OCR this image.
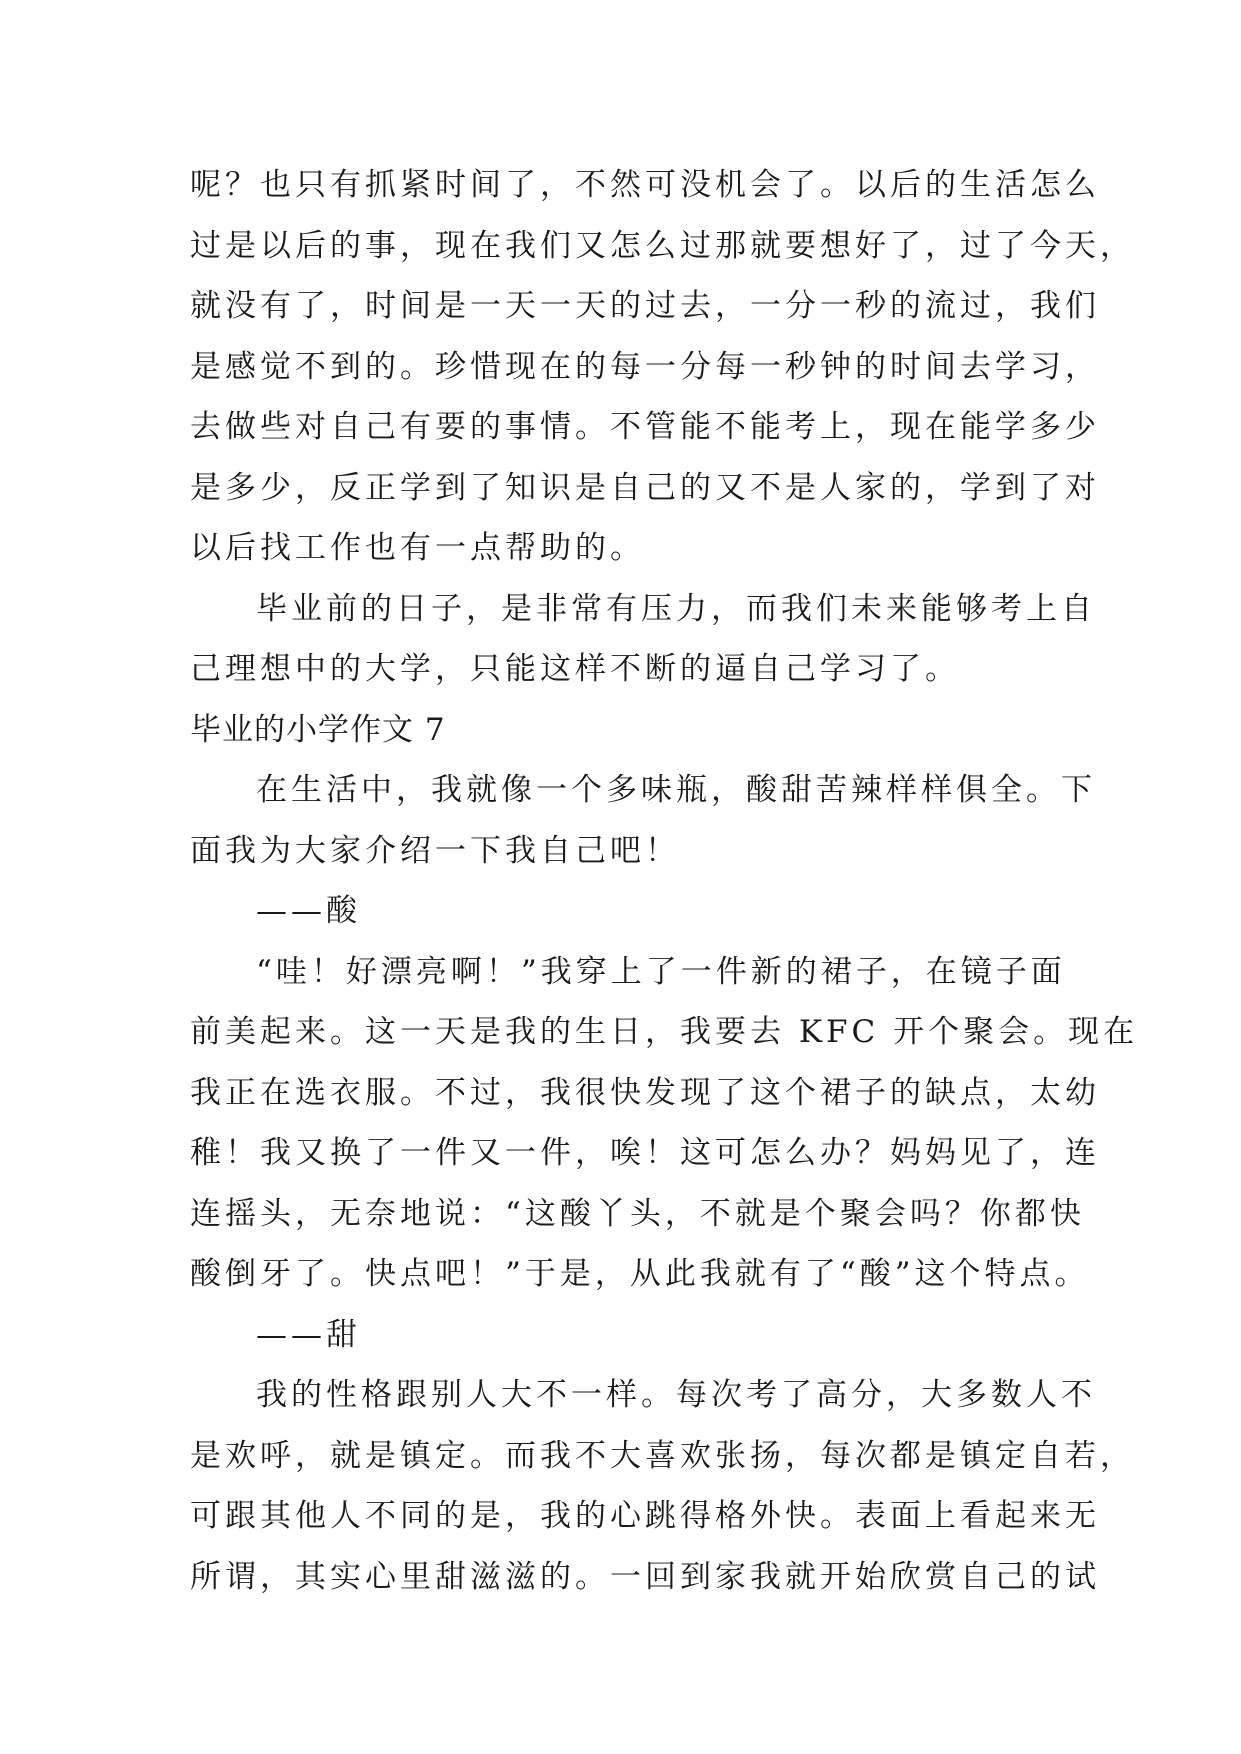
呢？也只有抓紧时间了，不然可没机会了。以后的生活怎么
过是以后的事，现在我们又怎么过那就要想好了，过了今天，
就没有了，时间是一天一天的过去，一分一秒的流过，我们
是感觉不到的。珍惜现在的每一分每一秒钟的时间去学习，
去做些对自己有要的事情。不管能不能考上，现在能学多少
是多少，反正学到了知识是自己的又不是人家的，学到了对
以后找工作也有一点帮助的。
毕业前的日子，是非常有压力，而我们未来能够考上自
己理想中的大学，只能这样不断的逼自己学习了。
毕业的小学作文 7
在生活中，我就像一个多味瓶，酸甜苦辣样样俱全。下
面我为大家介绍一下我自己吧！
——酸
“哇！好漂亮啊！”我穿上了一件新的裙子，在镜子面
前美起来。这一天是我的生日，我要去 KFC 开个聚会。现在
我正在选衣服。不过，我很快发现了这个裙子的缺点，太幼
稚！我又换了一件又一件，唉！这可怎么办？妈妈见了，连
连摇头，无奈地说：“这酸丫头，不就是个聚会吗？你都快
酸倒牙了。快点吧！”于是，从此我就有了“酸”这个特点。
——甜
我的性格跟别人大不一样。每次考了高分，大多数人不
是欢呼，就是镇定。而我不大喜欢张扬，每次都是镇定自若，
可跟其他人不同的是，我的心跳得格外快。表面上看起来无
所谓，其实心里甜滋滋的。一回到家我就开始欣赏自己的试
